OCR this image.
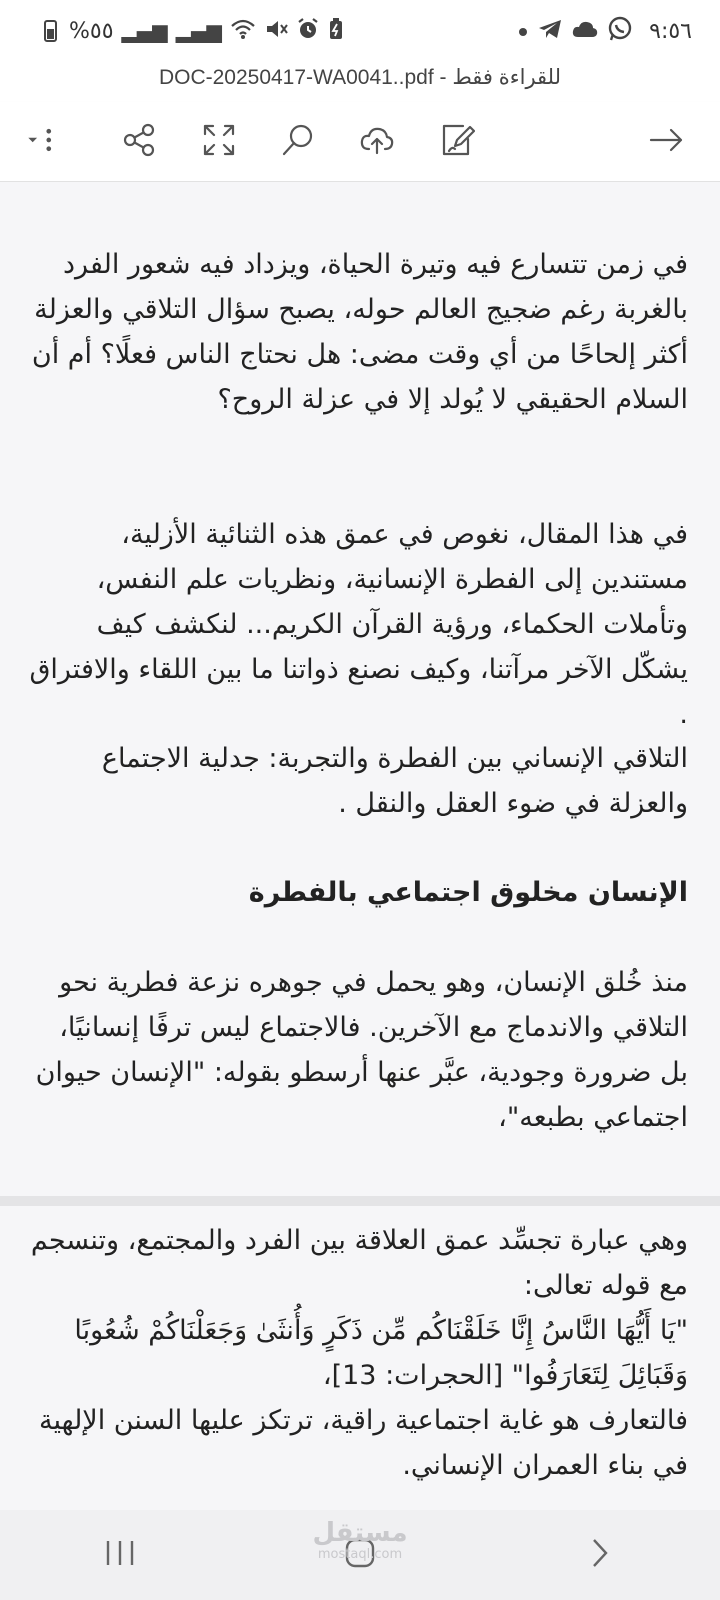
%٥٥ ▂▄▆ ▂▄▆	٩:٥٦
DOC-20250417-WA0041..pdf - للقراءة فقط
في زمن تتسارع فيه وتيرة الحياة، ويزداد فيه شعور الفرد بالغربة رغم ضجيج العالم حوله، يصبح سؤال التلاقي والعزلة أكثر إلحاحًا من أي وقت مضى: هل نحتاج الناس فعلًا؟ أم أن السلام الحقيقي لا يُولد إلا في عزلة الروح؟
في هذا المقال، نغوص في عمق هذه الثنائية الأزلية، مستندين إلى الفطرة الإنسانية، ونظريات علم النفس، وتأملات الحكماء، ورؤية القرآن الكريم... لنكشف كيف يشكّل الآخر مرآتنا، وكيف نصنع ذواتنا ما بين اللقاء والافتراق .
التلاقي الإنساني بين الفطرة والتجربة: جدلية الاجتماع والعزلة في ضوء العقل والنقل .
الإنسان مخلوق اجتماعي بالفطرة
منذ خُلق الإنسان، وهو يحمل في جوهره نزعة فطرية نحو التلاقي والاندماج مع الآخرين. فالاجتماع ليس ترفًا إنسانيًا، بل ضرورة وجودية، عبَّر عنها أرسطو بقوله: "الإنسان حيوان اجتماعي بطبعه"،
وهي عبارة تجسِّد عمق العلاقة بين الفرد والمجتمع، وتنسجم مع قوله تعالى:
"يَا أَيُّهَا النَّاسُ إِنَّا خَلَقْنَاكُم مِّن ذَكَرٍ وَأُنثَىٰ وَجَعَلْنَاكُمْ شُعُوبًا وَقَبَائِلَ لِتَعَارَفُوا" [الحجرات: 13]،
فالتعارف هو غاية اجتماعية راقية، ترتكز عليها السنن الإلهية في بناء العمران الإنساني.
مستقل
mostaql.com
